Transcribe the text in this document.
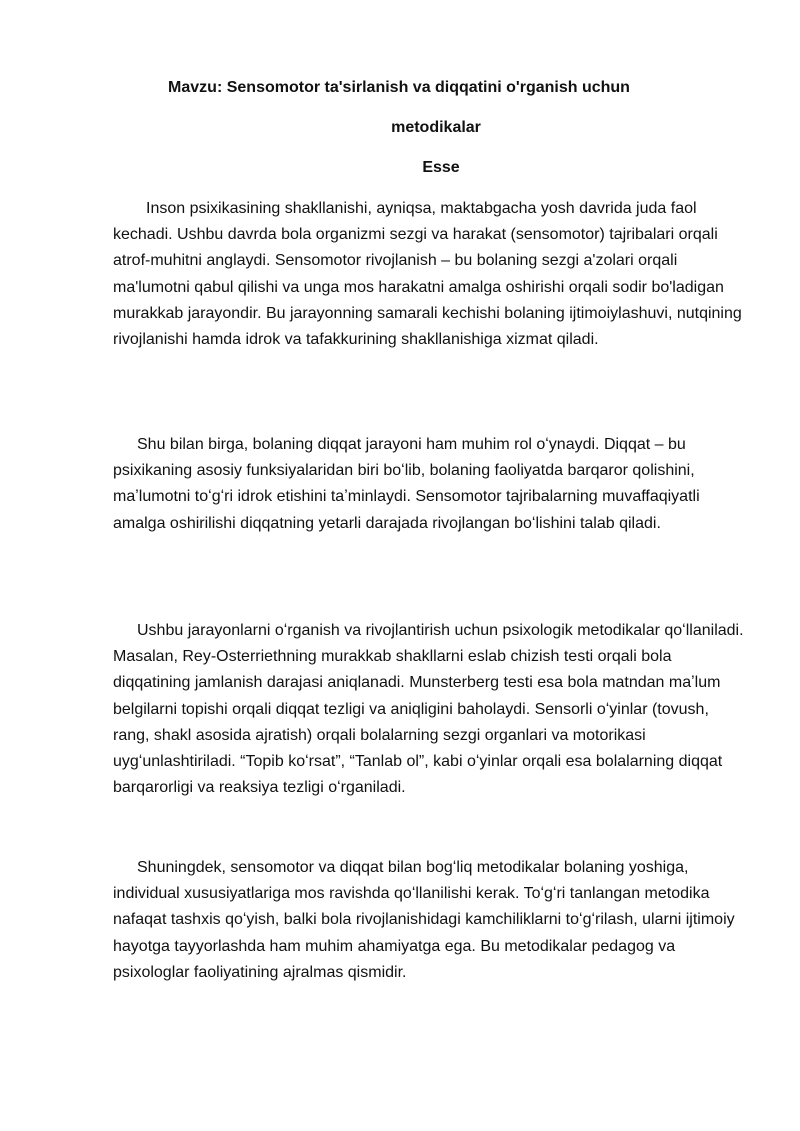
Mavzu: Sensomotor ta'sirlanish va diqqatini o'rganish uchun
metodikalar
Esse

Inson psixikasining shakllanishi, ayniqsa, maktabgacha yosh davrida juda faol kechadi. Ushbu davrda bola organizmi sezgi va harakat (sensomotor) tajribalari orqali atrof-muhitni anglaydi. Sensomotor rivojlanish – bu bolaning sezgi a'zolari orqali ma'lumotni qabul qilishi va unga mos harakatni amalga oshirishi orqali sodir bo'ladigan murakkab jarayondir. Bu jarayonning samarali kechishi bolaning ijtimoiylashuvi, nutqining rivojlanishi hamda idrok va tafakkurining shakllanishiga xizmat qiladi.

Shu bilan birga, bolaning diqqat jarayoni ham muhim rol oʻynaydi. Diqqat – bu psixikaning asosiy funksiyalaridan biri boʻlib, bolaning faoliyatda barqaror qolishini, maʼlumotni toʻgʻri idrok etishini taʼminlaydi. Sensomotor tajribalarning muvaffaqiyatli amalga oshirilishi diqqatning yetarli darajada rivojlangan boʻlishini talab qiladi.

Ushbu jarayonlarni oʻrganish va rivojlantirish uchun psixologik metodikalar qoʻllaniladi. Masalan, Rey-Osterriethning murakkab shakllarni eslab chizish testi orqali bola diqqatining jamlanish darajasi aniqlanadi. Munsterberg testi esa bola matndan maʼlum belgilarni topishi orqali diqqat tezligi va aniqligini baholaydi. Sensorli oʻyinlar (tovush, rang, shakl asosida ajratish) orqali bolalarning sezgi organlari va motorikasi uygʻunlashtiriladi. “Topib koʻrsat”, “Tanlab ol”, kabi oʻyinlar orqali esa bolalarning diqqat barqarorligi va reaksiya tezligi oʻrganiladi.

Shuningdek, sensomotor va diqqat bilan bogʻliq metodikalar bolaning yoshiga, individual xususiyatlariga mos ravishda qoʻllanilishi kerak. Toʻgʻri tanlangan metodika nafaqat tashxis qoʻyish, balki bola rivojlanishidagi kamchiliklarni toʻgʻrilash, ularni ijtimoiy hayotga tayyorlashda ham muhim ahamiyatga ega. Bu metodikalar pedagog va psixologlar faoliyatining ajralmas qismidir.
